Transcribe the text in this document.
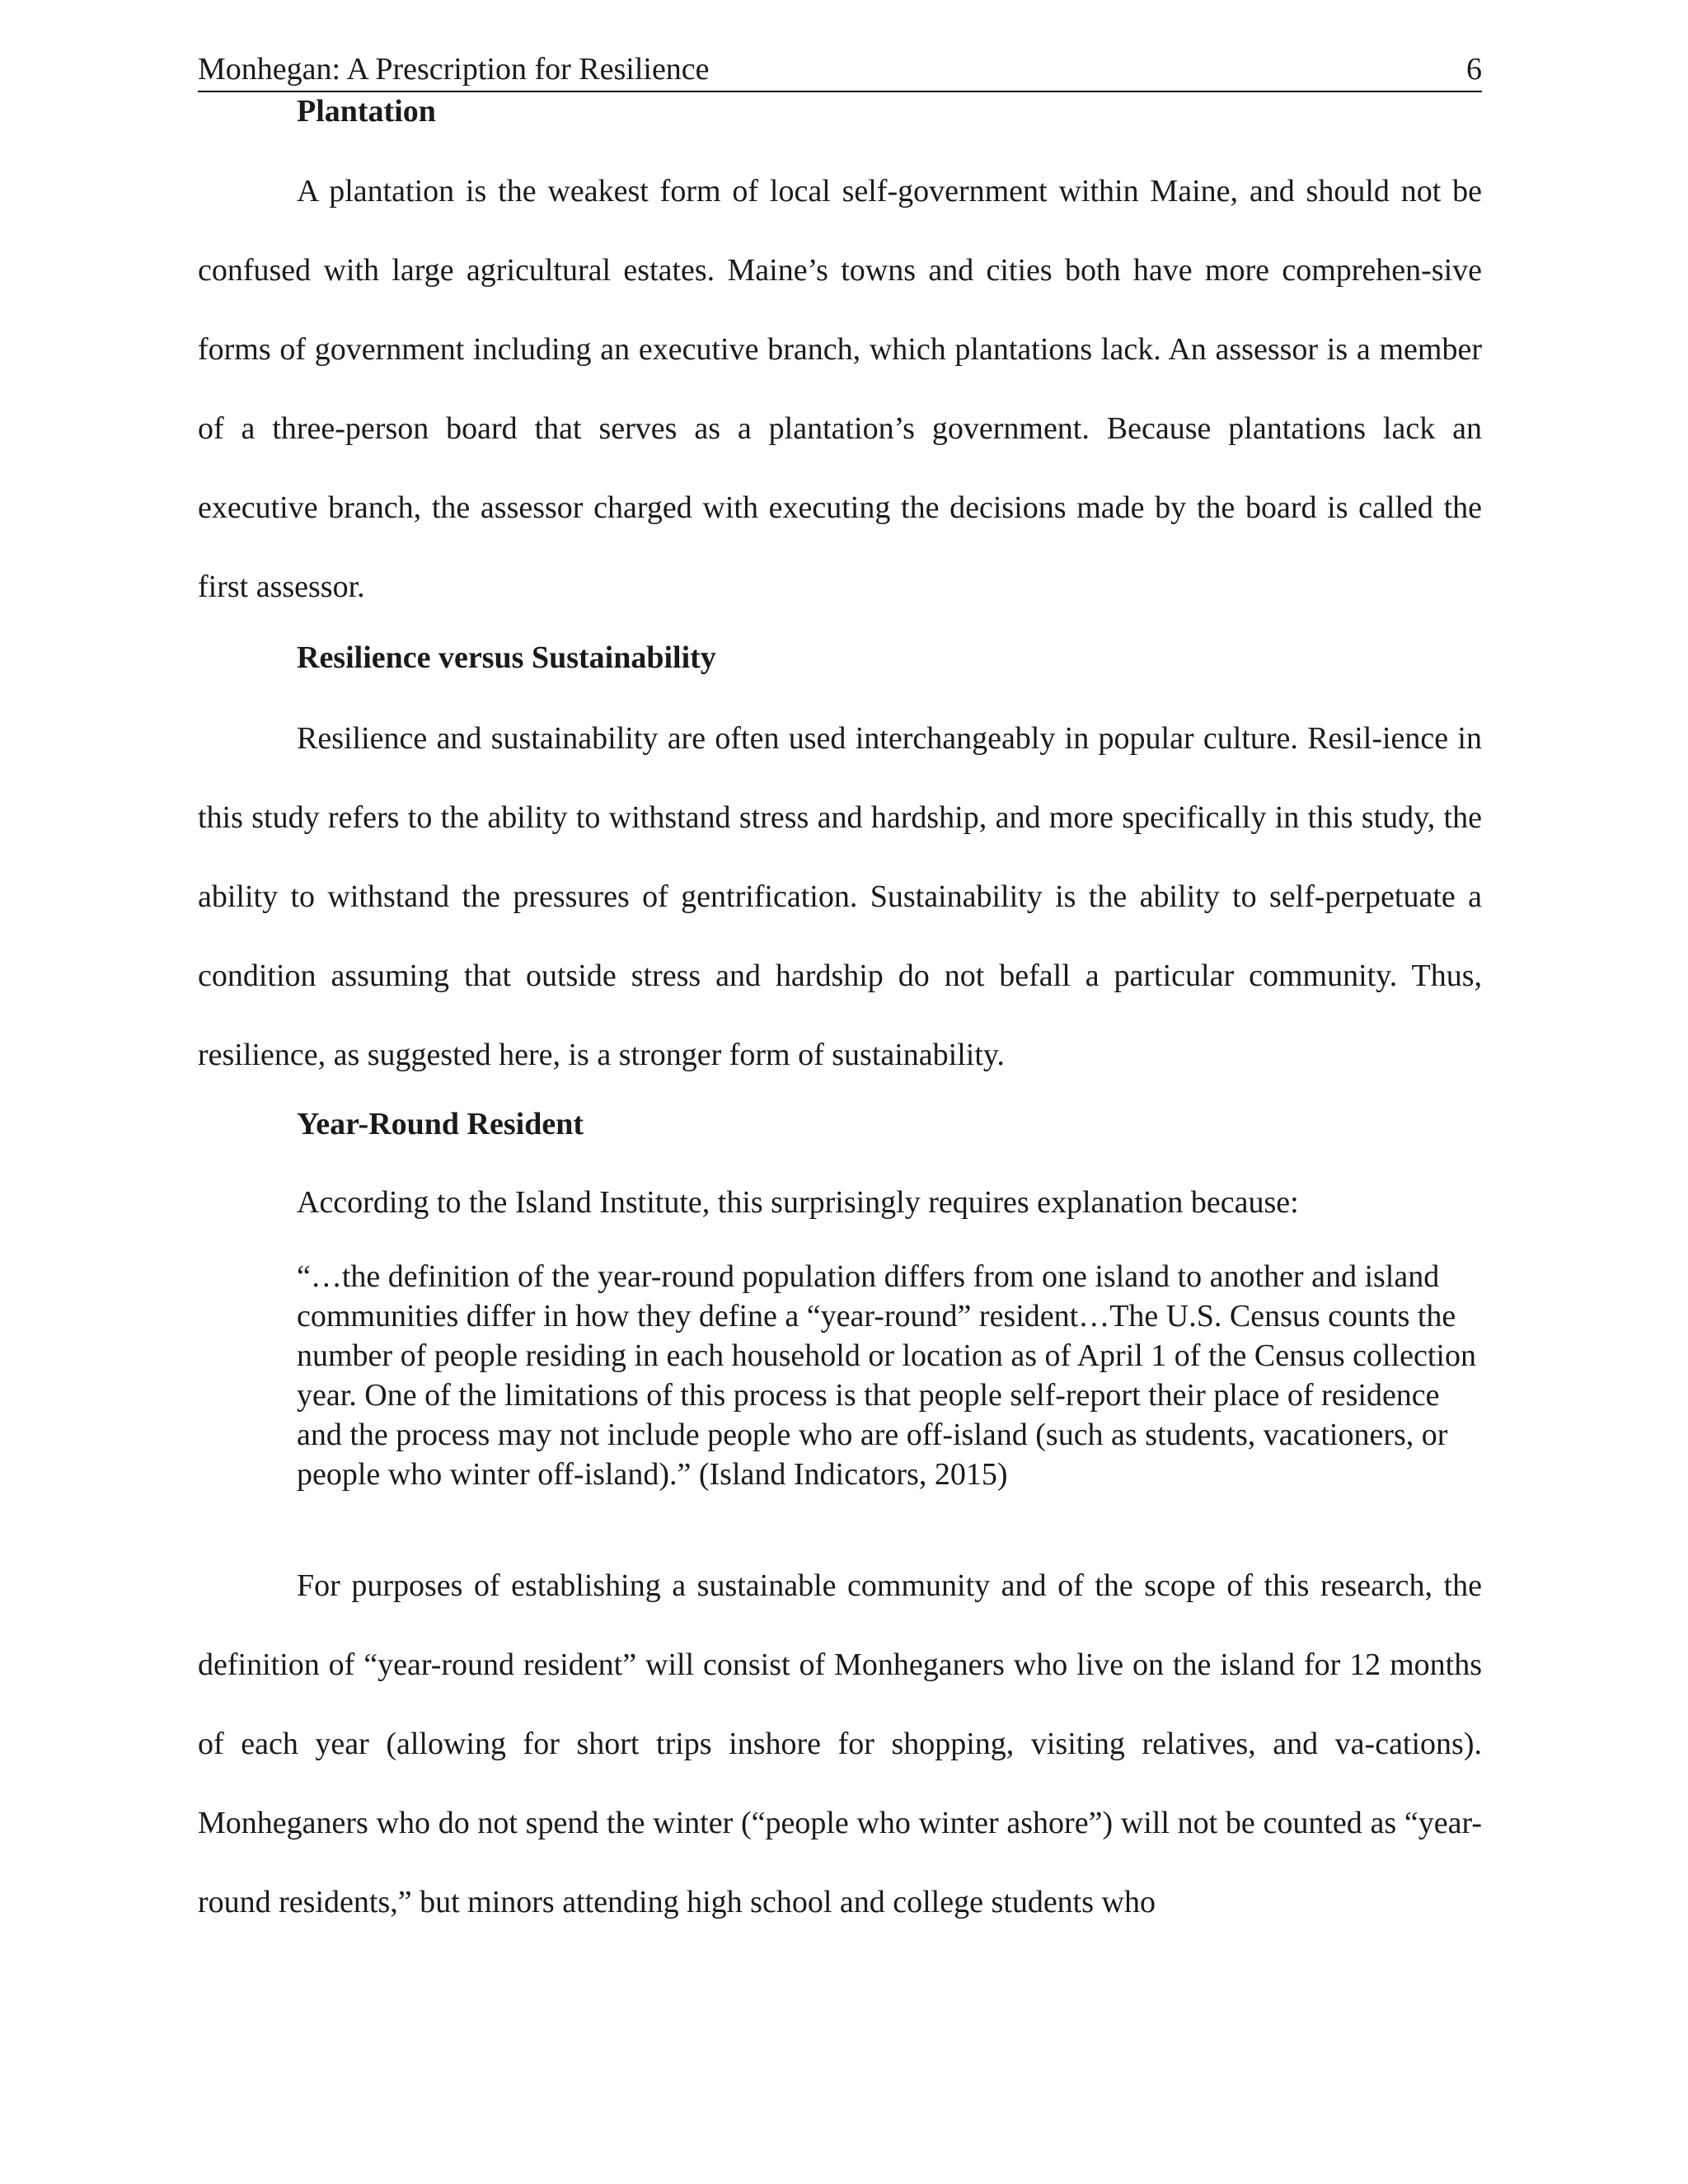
Monhegan: A Prescription for Resilience	6
Plantation

A plantation is the weakest form of local self-government within Maine, and should not be confused with large agricultural estates. Maine’s towns and cities both have more comprehen-sive forms of government including an executive branch, which plantations lack. An assessor is a member of a three-person board that serves as a plantation’s government. Because plantations lack an executive branch, the assessor charged with executing the decisions made by the board is called the first assessor.

Resilience versus Sustainability

Resilience and sustainability are often used interchangeably in popular culture. Resil-ience in this study refers to the ability to withstand stress and hardship, and more specifically in this study, the ability to withstand the pressures of gentrification. Sustainability is the ability to self-perpetuate a condition assuming that outside stress and hardship do not befall a particular community. Thus, resilience, as suggested here, is a stronger form of sustainability.

Year-Round Resident

According to the Island Institute, this surprisingly requires explanation because:

“…the definition of the year-round population differs from one island to another and island communities differ in how they define a “year-round” resident…The U.S. Census counts the number of people residing in each household or location as of April 1 of the Census collection year. One of the limitations of this process is that people self-report their place of residence and the process may not include people who are off-island (such as students, vacationers, or people who winter off-island).” (Island Indicators, 2015)

For purposes of establishing a sustainable community and of the scope of this research, the definition of “year-round resident” will consist of Monheganers who live on the island for 12 months of each year (allowing for short trips inshore for shopping, visiting relatives, and va-cations). Monheganers who do not spend the winter (“people who winter ashore”) will not be counted as “year-round residents,” but minors attending high school and college students who
